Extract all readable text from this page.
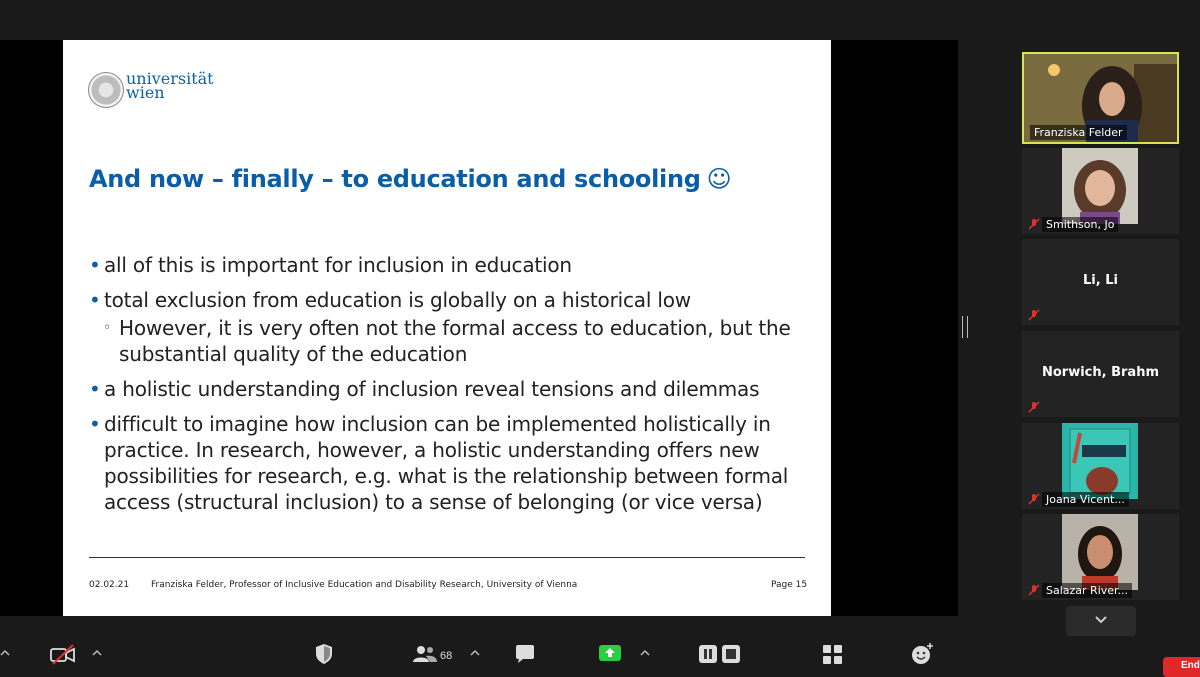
universität
wien
And now – finally – to education and schooling ☺
• all of this is important for inclusion in education
• total exclusion from education is globally on a historical low
◦ However, it is very often not the formal access to education, but the substantial quality of the education
• a holistic understanding of inclusion reveal tensions and dilemmas
• difficult to imagine how inclusion can be implemented holistically in practice. In research, however, a holistic understanding offers new possibilities for research, e.g. what is the relationship between formal access (structural inclusion) to a sense of belonging (or vice versa)
02.02.21 Franziska Felder, Professor of Inclusive Education and Disability Research, University of Vienna	Page 15
Franziska Felder
Smithson, Jo
Li, Li
Norwich, Brahm
Joana Vicent...
Salazar River...
68
End
